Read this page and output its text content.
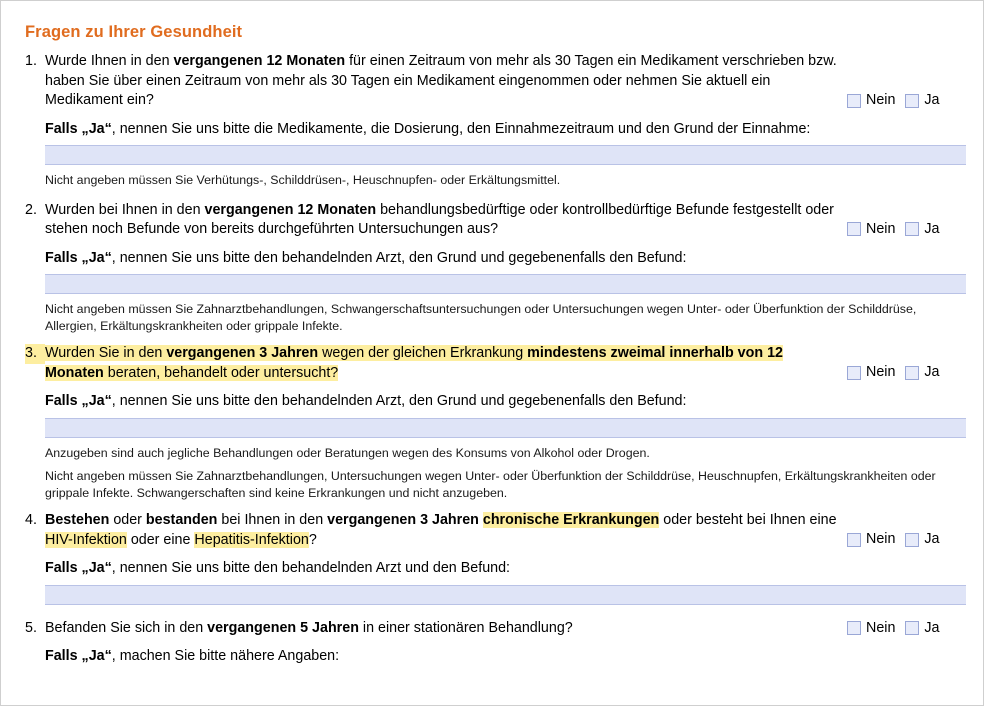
Fragen zu Ihrer Gesundheit
1. Wurde Ihnen in den vergangenen 12 Monaten für einen Zeitraum von mehr als 30 Tagen ein Medikament verschrieben bzw. haben Sie über einen Zeitraum von mehr als 30 Tagen ein Medikament eingenommen oder nehmen Sie aktuell ein Medikament ein?	Nein Ja
Falls „Ja“, nennen Sie uns bitte die Medikamente, die Dosierung, den Einnahmezeitraum und den Grund der Einnahme:
Nicht angeben müssen Sie Verhütungs-, Schilddrüsen-, Heuschnupfen- oder Erkältungsmittel.
2. Wurden bei Ihnen in den vergangenen 12 Monaten behandlungsbedürftige oder kontrollbedürftige Befunde festgestellt oder stehen noch Befunde von bereits durchgeführten Untersuchungen aus?	Nein Ja
Falls „Ja“, nennen Sie uns bitte den behandelnden Arzt, den Grund und gegebenenfalls den Befund:
Nicht angeben müssen Sie Zahnarztbehandlungen, Schwangerschaftsuntersuchungen oder Untersuchungen wegen Unter- oder Überfunktion der Schilddrüse, Allergien, Erkältungskrankheiten oder grippale Infekte.
3. Wurden Sie in den vergangenen 3 Jahren wegen der gleichen Erkrankung mindestens zweimal innerhalb von 12 Monaten beraten, behandelt oder untersucht?	Nein Ja
Falls „Ja“, nennen Sie uns bitte den behandelnden Arzt, den Grund und gegebenenfalls den Befund:
Anzugeben sind auch jegliche Behandlungen oder Beratungen wegen des Konsums von Alkohol oder Drogen.
Nicht angeben müssen Sie Zahnarztbehandlungen, Untersuchungen wegen Unter- oder Überfunktion der Schilddrüse, Heuschnupfen, Erkältungskrankheiten oder grippale Infekte. Schwangerschaften sind keine Erkrankungen und nicht anzugeben.
4. Bestehen oder bestanden bei Ihnen in den vergangenen 3 Jahren chronische Erkrankungen oder besteht bei Ihnen eine HIV-Infektion oder eine Hepatitis-Infektion?	Nein Ja
Falls „Ja“, nennen Sie uns bitte den behandelnden Arzt und den Befund:
5. Befanden Sie sich in den vergangenen 5 Jahren in einer stationären Behandlung?	Nein Ja
Falls „Ja“, machen Sie bitte nähere Angaben:
